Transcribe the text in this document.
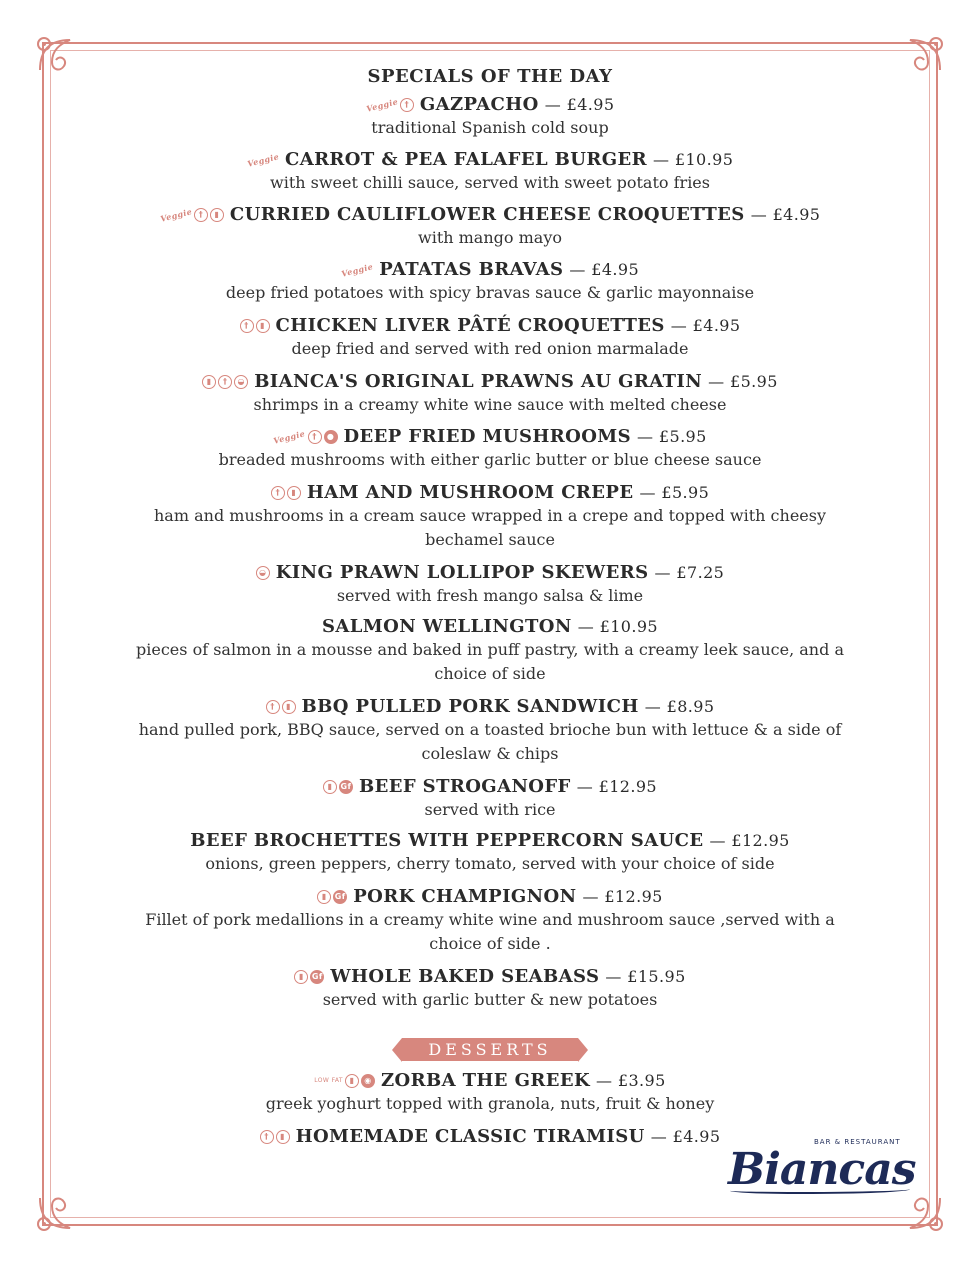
SPECIALS OF THE DAY
Veggie † GAZPACHO — £4.95
traditional Spanish cold soup
Veggie CARROT & PEA FALAFEL BURGER — £10.95
with sweet chilli sauce, served with sweet potato fries
Veggie †	▮ CURRIED CAULIFLOWER CHEESE CROQUETTES — £4.95
with mango mayo
Veggie PATATAS BRAVAS — £4.95
deep fried potatoes with spicy bravas sauce & garlic mayonnaise
†	▮ CHICKEN LIVER PÂTÉ CROQUETTES — £4.95
deep fried and served with red onion marmalade
▮	†	◒ BIANCA'S ORIGINAL PRAWNS AU GRATIN — £5.95
shrimps in a creamy white wine sauce with melted cheese
Veggie †	● DEEP FRIED MUSHROOMS — £5.95
breaded mushrooms with either garlic butter or blue cheese sauce
†	▮ HAM AND MUSHROOM CREPE — £5.95
ham and mushrooms in a cream sauce wrapped in a crepe and topped with cheesy bechamel sauce
◒ KING PRAWN LOLLIPOP SKEWERS — £7.25
served with fresh mango salsa & lime
SALMON WELLINGTON — £10.95
pieces of salmon in a mousse and baked in puff pastry, with a creamy leek sauce, and a choice of side
†	▮ BBQ PULLED PORK SANDWICH — £8.95
hand pulled pork, BBQ sauce, served on a toasted brioche bun with lettuce & a side of coleslaw & chips
▮	Gf BEEF STROGANOFF — £12.95
served with rice
BEEF BROCHETTES WITH PEPPERCORN SAUCE — £12.95
onions, green peppers, cherry tomato, served with your choice of side
▮	Gf PORK CHAMPIGNON — £12.95
Fillet of pork medallions in a creamy white wine and mushroom sauce ,served with a choice of side .
▮	Gf WHOLE BAKED SEABASS — £15.95
served with garlic butter & new potatoes
DESSERTS
LOW FAT ▮	◉ ZORBA THE GREEK — £3.95
greek yoghurt topped with granola, nuts, fruit & honey
†	▮ HOMEMADE CLASSIC TIRAMISU — £4.95	BAR & RESTAURANT
Biancas
